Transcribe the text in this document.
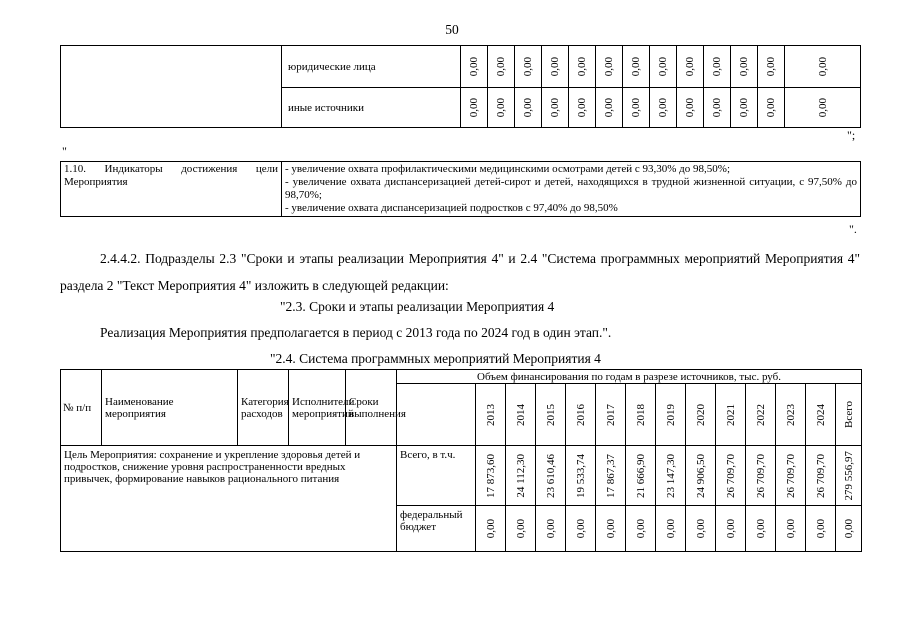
50
	юридические лица	0,00	0,00	0,00	0,00	0,00	0,00	0,00	0,00	0,00	0,00	0,00	0,00	0,00

	иные источники	0,00	0,00	0,00	0,00	0,00	0,00	0,00	0,00	0,00	0,00	0,00	0,00	0,00
";
"
1.10. Индикаторы достижения цели Мероприятия	
- увеличение охвата профилактическими медицинскими осмотрами детей с 93,30% до 98,50%;
- увеличение охвата диспансеризацией детей-сирот и детей, находящихся в трудной жизненной ситуации, с 97,50% до 98,70%;
- увеличение охвата диспансеризацией подростков с 97,40% до 98,50%
".
2.4.4.2. Подразделы 2.3 "Сроки и этапы реализации Мероприятия 4" и 2.4 "Система программных мероприятий Мероприятия 4" раздела 2 "Текст Мероприятия 4" изложить в следующей редакции:
"2.3. Сроки и этапы реализации Мероприятия 4
Реализация Мероприятия предполагается в период с 2013 года по 2024 год в один этап.".
"2.4. Система программных мероприятий Мероприятия 4
№ п/п	Наименование мероприятия	Категория расходов	Исполнители мероприятий	Сроки выполнения	Объем финансирования по годам в разрезе источников, тыс. руб.													

						2013	2014	2015	2016	2017	2018	2019	2020	2021	2022	2023	2024	Всего

Цель Мероприятия: сохранение и укрепление здоровья детей и подростков, снижение уровня распространенности вредных привычек, формирование навыков рационального питания					Всего, в т.ч.	17 873,60	24 112,30	23 610,46	19 533,74	17 867,37	21 666,90	23 147,30	24 906,50	26 709,70	26 709,70	26 709,70	26 709,70	279 556,97

					федеральный бюджет	0,00	0,00	0,00	0,00	0,00	0,00	0,00	0,00	0,00	0,00	0,00	0,00	0,00
